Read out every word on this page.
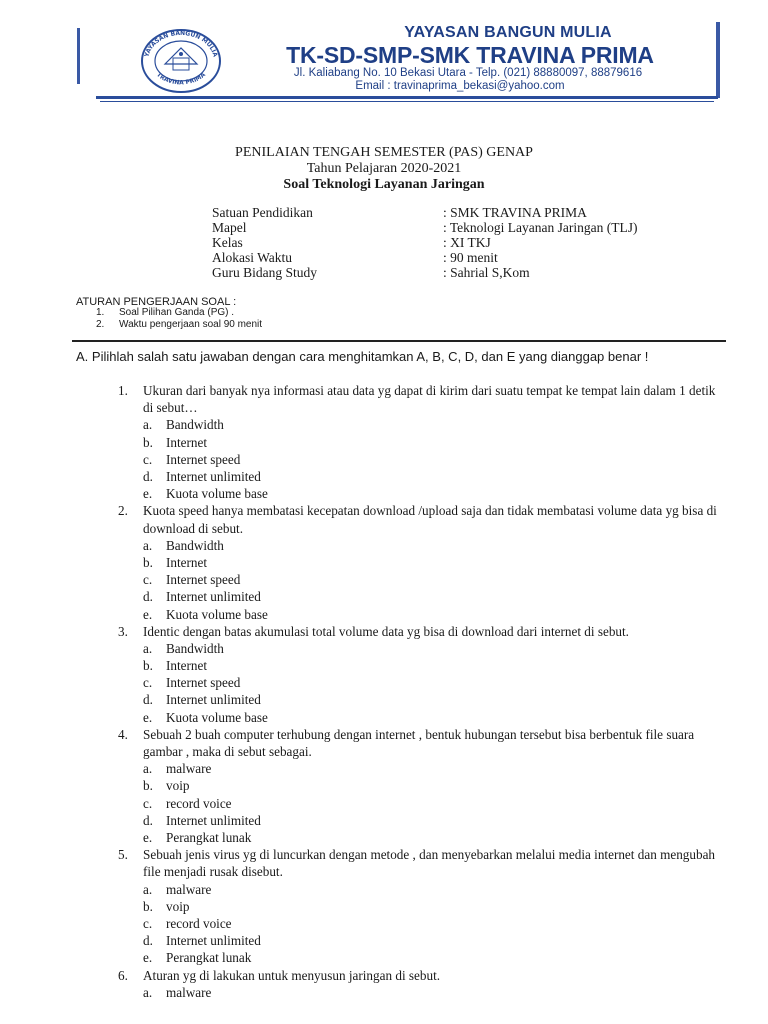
YAYASAN BANGUN MULIA
TRAVINA PRIMA
YAYASAN BANGUN MULIA
TK-SD-SMP-SMK TRAVINA PRIMA
Jl. Kaliabang No. 10 Bekasi Utara - Telp. (021) 88880097, 88879616
Email : travinaprima_bekasi@yahoo.com
PENILAIAN TENGAH SEMESTER (PAS) GENAP
Tahun Pelajaran 2020-2021
Soal Teknologi Layanan Jaringan
Satuan Pendidikan	: SMK TRAVINA PRIMA
Mapel	: Teknologi Layanan Jaringan (TLJ)
Kelas	: XI TKJ
Alokasi Waktu	: 90 menit
Guru Bidang Study	: Sahrial S,Kom
ATURAN PENGERJAAN SOAL :
1. Soal Pilihan Ganda (PG) .
2. Waktu pengerjaan soal 90 menit
A. Pilihlah salah satu jawaban dengan cara menghitamkan A, B, C, D, dan E yang dianggap benar !
1. Ukuran dari banyak nya informasi atau data yg dapat di kirim dari suatu tempat ke tempat lain dalam 1 detik di sebut…
a. Bandwidth
b. Internet
c. Internet speed
d. Internet unlimited
e. Kuota volume base
2. Kuota speed hanya membatasi kecepatan download /upload saja dan tidak membatasi volume data yg bisa di download di sebut.
a. Bandwidth
b. Internet
c. Internet speed
d. Internet unlimited
e. Kuota volume base
3. Identic dengan batas akumulasi total volume data yg bisa di download dari internet di sebut.
a. Bandwidth
b. Internet
c. Internet speed
d. Internet unlimited
e. Kuota volume base
4. Sebuah 2 buah computer terhubung dengan internet , bentuk hubungan tersebut bisa berbentuk file suara gambar , maka di sebut sebagai.
a. malware
b. voip
c. record voice
d. Internet unlimited
e. Perangkat lunak
5. Sebuah jenis virus yg di luncurkan dengan metode , dan menyebarkan melalui media internet dan mengubah file menjadi rusak disebut.
a. malware
b. voip
c. record voice
d. Internet unlimited
e. Perangkat lunak
6. Aturan yg di lakukan untuk menyusun jaringan di sebut.
a. malware
